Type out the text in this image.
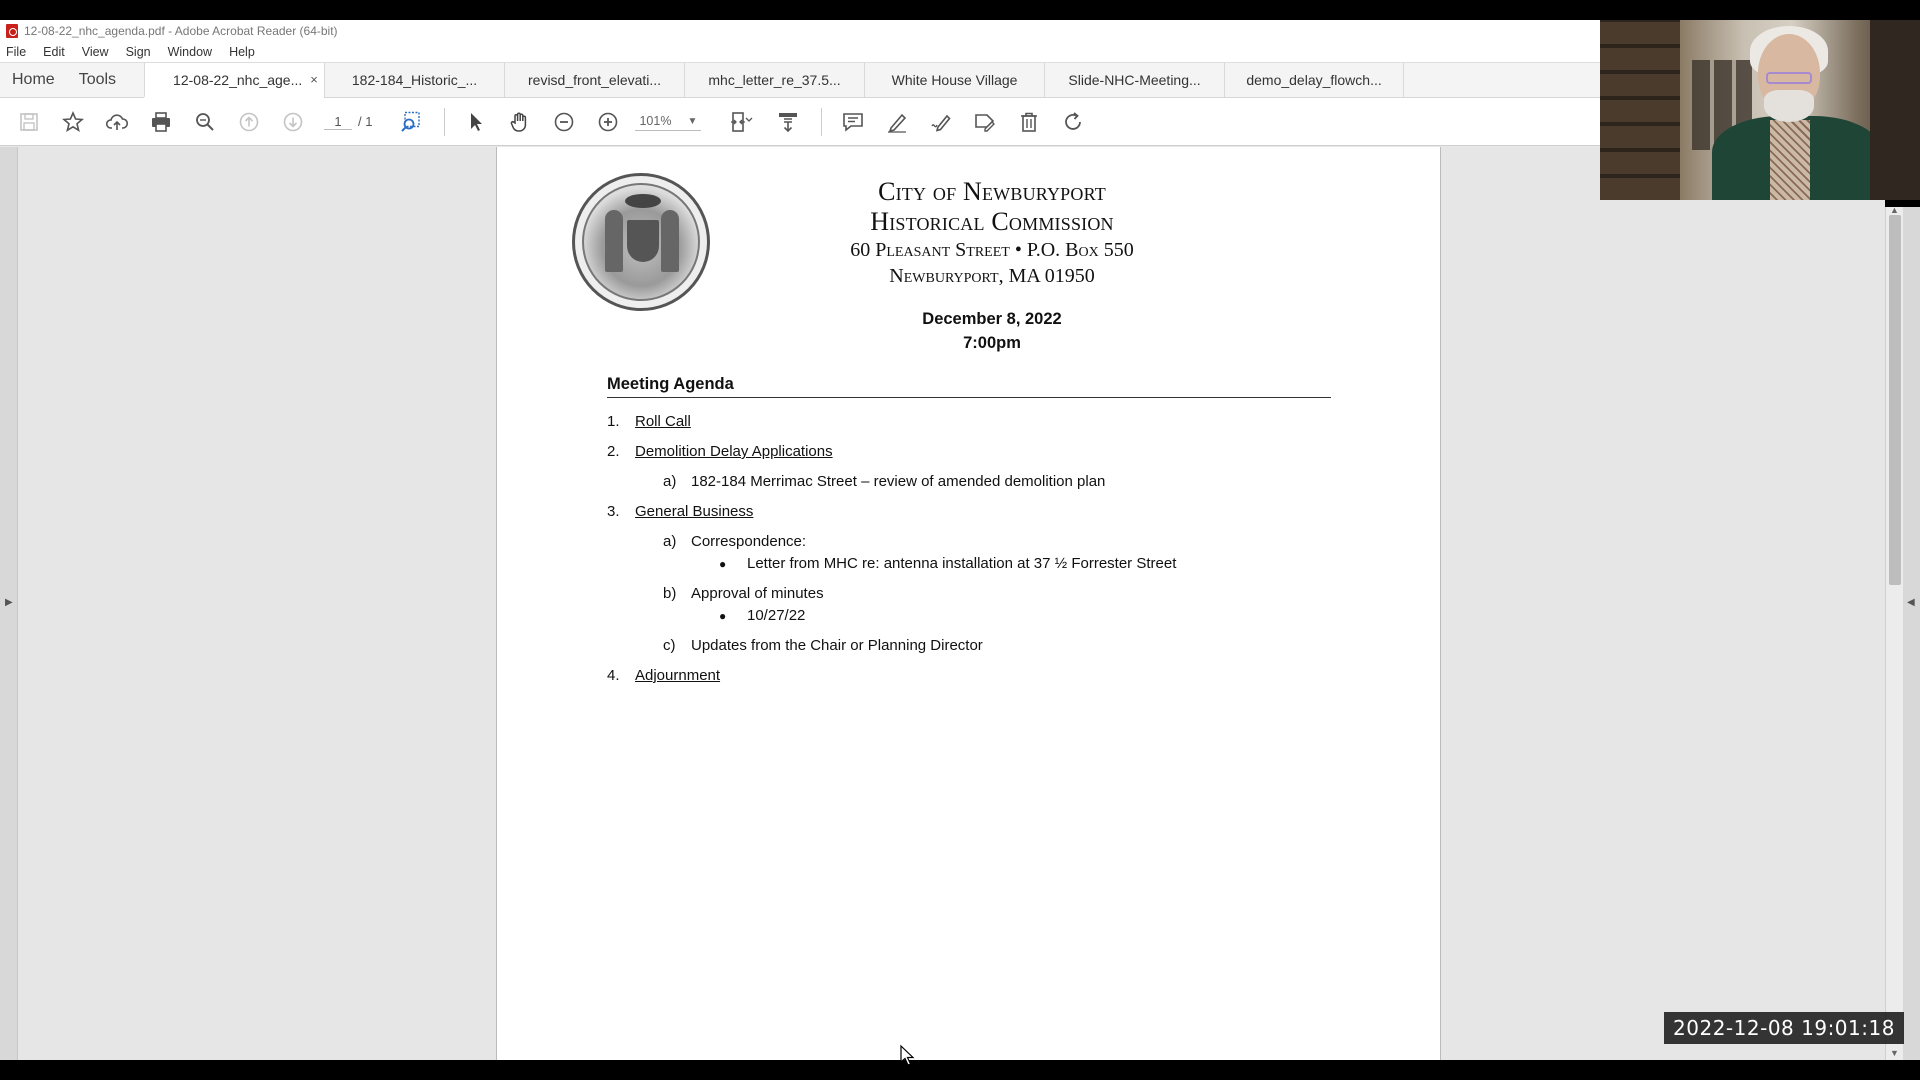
12-08-22_nhc_agenda.pdf - Adobe Acrobat Reader (64-bit)
File Edit View Sign Window Help
Home	Tools	12-08-22_nhc_age... ×	182-184_Historic_...	revisd_front_elevati...	mhc_letter_re_37.5...	White House Village	Slide-NHC-Meeting...	demo_delay_flowch...
1	/ 1	101% ▼
▶
City of Newburyport
Historical Commission
60 Pleasant Street • P.O. Box 550
Newburyport, MA 01950
December 8, 2022
7:00pm
Meeting Agenda
1. Roll Call
2. Demolition Delay Applications
a) 182-184 Merrimac Street – review of amended demolition plan
3. General Business
a) Correspondence:
● Letter from MHC re: antenna installation at 37 ½ Forrester Street
b) Approval of minutes
● 10/27/22
c) Updates from the Chair or Planning Director
4. Adjournment
▲
▼
◀
2022-12-08 19:01:18
